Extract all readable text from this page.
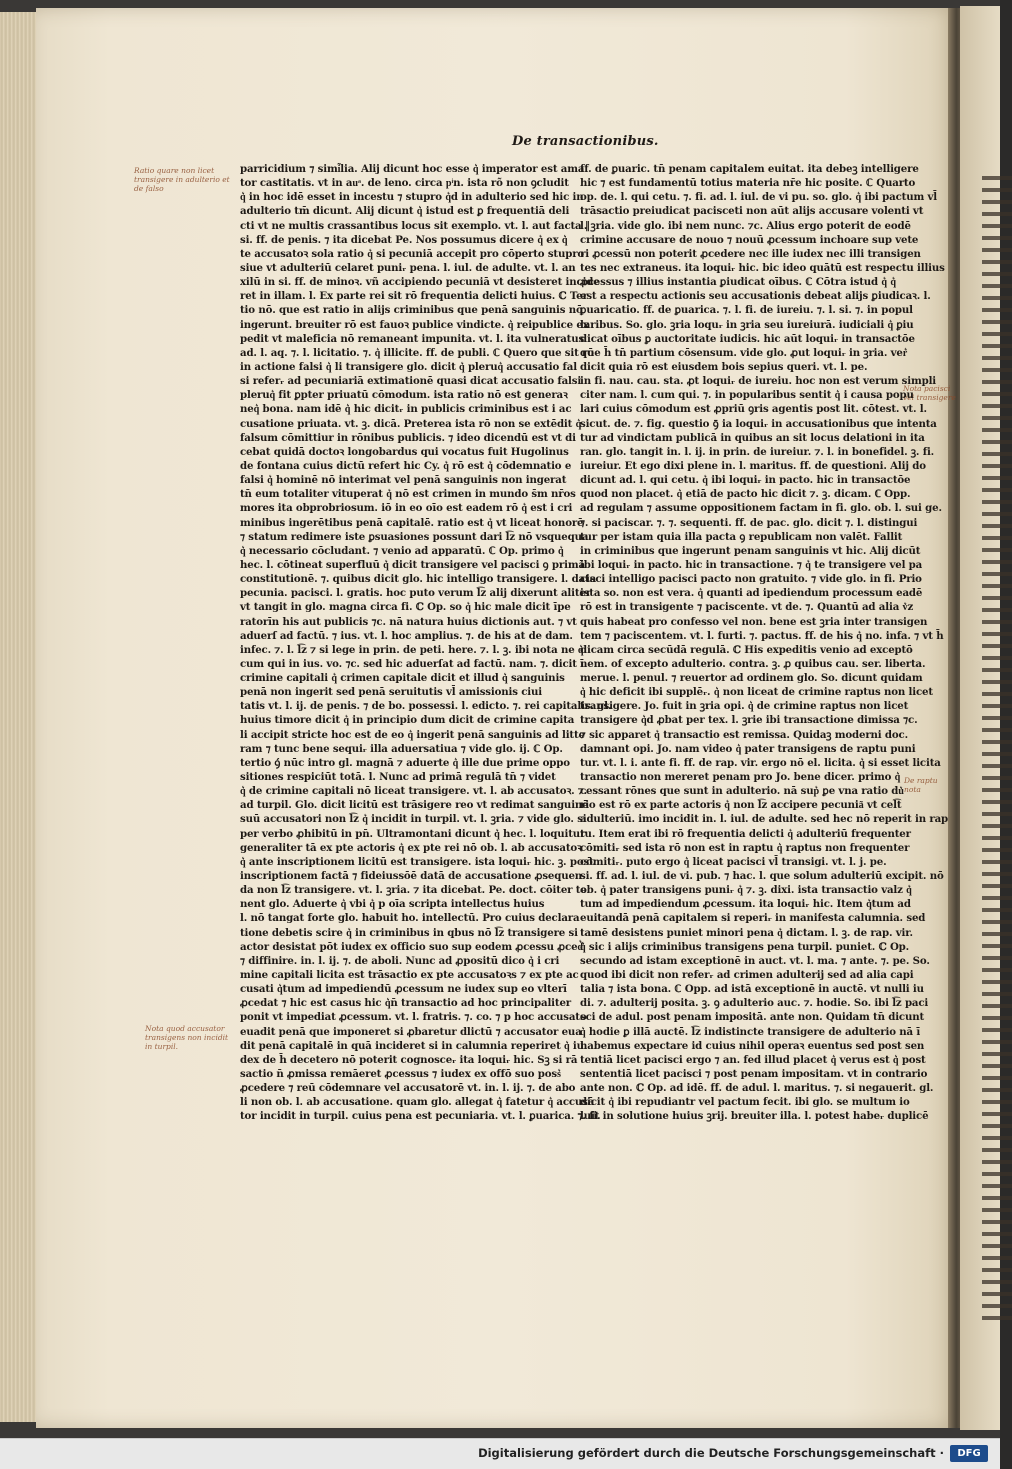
De transactionibus.
Ratio quare non licet transigere in adulterio et de falso
Nota pacisci vel transigere
De raptu nota
Nota quod accusator transigens non incidit in turpil.
parricidium ⁊ simi͂lia. Alij dicunt hoc esse q͛ imperator est ama
tor castitatis. vt in auͣ. de leno. circa pͥn. ista rõ non ꝯcludit
q͛ in hoc idē esset in incestu ⁊ stupro q͛d in adulterio sed hic in
adulterio tm̄ dicunt. Alij dicunt q͛ istud est ꝑ frequentiā deli
cti vt ne multis crassantibus locus sit exemplo. vt. l. aut facta ‖
si. ff. de penis. ⁊ ita dicebat Pe. Nos possumus dicere q͛ ex q͛
te accusatoꝛ sola ratio q͛ si pecuniā accepit pro cōperto stupro
siue vt adulteriū celaret puniᵣ pena. l. iul. de adulte. vt. l. an
xilū in si. ff. de minoꝛ. vñ accipiendo pecuniā vt desisteret incide
ret in illam. l. Ex parte rei sit rō frequentia delicti huius. ℂ Ter
tio nō. que est ratio in alijs criminibus que penā sanguinis nō
ingerunt. breuiter rō est fauoꝛ publice vindicte. q͛ reipublice ex
pedit vt maleficia nō remaneant impunita. vt. l. ita vulneratus
ad. l. aq. ⁊. l. licitatio. ⁊. q͛ illicite. ff. de publi. ℂ Quero que sit rō
in actione falsi q͛ li transigere glo. dicit q͛ pleruq͛ accusatio fal
si referᵣ ad pecuniariā extimationē quasi dicat accusatio falsi
pleruq͛ fit ꝑpter priuatū cōmodum. ista ratio nō est generaꝛ
neq͛ bona. nam idē q͛ hic dicitᵣ in publicis criminibus est i ac
cusatione priuata. vt. ꝫ. dicā. Preterea ista rō non se extēdit q͛
falsum cōmittiur in rōnibus publicis. ⁊ ideo dicendū est vt di
cebat quidā doctoꝛ longobardus qui vocatus fuit Hugolinus
de fontana cuius dictū refert hic Cy. q͛ rō est q͛ cōdemnatio e
falsi q͛ hominē nō interimat vel penā sanguinis non ingerat
tn̄ eum totaliter vituperat q͛ nō est crimen in mundo s̄m nr̄os
mores ita obprobriosum. iō in eo oīo est eadem rō q͛ est i cri
minibus ingerētibus penā capitalē. ratio est q͛ vt liceat honorē
⁊ statum redimere iste ꝑsuasiones possunt dari l͡z nō vsquequa
q͛ necessario cōcludant. ⁊ venio ad apparatū. ℂ Op. primo q͛
hec. l. cōtineat superfluū q͛ dicit transigere vel pacisci ꝯ primā
constitutionē. ⁊. quibus dicit glo. hic intelligo transigere. l. data
pecunia. pacisci. l. gratis. hoc puto verum l͡z alij dixerunt aliter
vt tangit in glo. magna circa fi. ℂ Op. so q͛ hic male dicit īpe
ratorīn his aut publicis ⁊c. nā natura huius dictionis aut. ⁊ vt
aduerſ ad factū. ⁊ ius. vt. l. hoc amplius. ⁊. de his at de dam.
infec. ⁊. l. l͡z ⁊ si lege in prin. de peti. here. ⁊. l. ꝫ. ibi nota ne q͛
cum qui in ius. vo. ⁊c. sed hic aduerſat ad factū. nam. ⁊. dicit ī
crimine capitali q͛ crimen capitale dicit et illud q͛ sanguinis
penā non ingerit sed penā seruitutis vl̄ amissionis ciui
tatis vt. l. ij. de penis. ⁊ de bo. possessi. l. edicto. ⁊. rei capitalis. gl.
huius timore dicit q͛ in principio dum dicit de crimine capita
li accipit stricte hoc est de eo q͛ ingerit penā sanguinis ad litte
ram ⁊ tunc bene sequiᵣ illa aduersatiua ⁊ vide glo. ij. ℂ Op.
tertio ꝯ́ nūc intro gl. magnā ⁊ aduerte q͛ ille due prime oppo
sitiones respiciūt totā. l. Nunc ad primā regulā tn̄ ⁊ videt
q͛ de crimine capitali nō liceat transigere. vt. l. ab accusatoꝛ. ⁊.
ad turpil. Glo. dicit licitū est trāsigere reo vt redimat sanguinē
suū accusatori non l͡z q͛ incidit in turpil. vt. l. ꝫria. ⁊ vide glo. si
per verbo ꝓhibitū in pn̄. Ultramontani dicunt q͛ hec. l. loquitur
generaliter tā ex pte actoris q͛ ex pte rei nō ob. l. ab accusatoꝛ
q͛ ante inscriptionem licitū est transigere. ista loquiᵣ hic. ꝫ. post
inscriptionem factā ⁊ fideiussōē datā de accusatione ꝓsequen
da non l͡z transigere. vt. l. ꝫria. ⁊ ita dicebat. Pe. doct. cōiter te
nent glo. Aduerte q͛ vbi q͛ p oīa scripta intellectus huius
l. nō tangat forte glo. habuit ho. intellectū. Pro cuius declara
tione debetis scire q͛ in criminibus in qbus nō l͡z transigere si
actor desistat pōt iudex ex officio suo sup eodem ꝓcessu ꝓced͛
⁊ diffinire. in. l. ij. ⁊. de aboli. Nunc ad ꝓpositū dico q͛ i cri
mine capitali licita est trāsactio ex pte accusatoꝛs ⁊ ex pte ac
cusati q͛tum ad impediendū ꝓcessum ne iudex sup eo vlterī
ꝓcedat ⁊ hic est casus hic q͛n̄ transactio ad hoc principaliter
ponit vt impediat ꝓcessum. vt. l. fratris. ⁊. co. ⁊ p hoc accusato
euadit penā que imponeret si ꝓbaretur dlictū ⁊ accusator eua
dit penā capitalē in quā incideret si in calumnia reperiret q͛ iu
dex de h̄ decetero nō poterit cognosceᵣ ita loquiᵣ hic. Sꝫ si rā
sactio n̄ ꝓmissa remāeret ꝓcessus ⁊ iudex ex offō suo poss͛
ꝓcedere ⁊ reū cōdemnare vel accusatorē vt. in. l. ij. ⁊. de abo
li non ob. l. ab accusatione. quam glo. allegat q͛ fatetur q͛ accusā
tor incidit in turpil. cuius pena est pecuniaria. vt. l. ꝑuarica. ⁊. fi.
ff. de ꝑuaric. tn̄ penam capitalem euitat. ita debeꝫ intelligere
hic ⁊ est fundamentū totius materia nr̄e hic posite. ℂ Quarto
op. de. l. qui cetu. ⁊. fi. ad. l. iul. de vi pu. so. glo. q͛ ibi pactum vl̄
trāsactio preiudicat pacisceti non aūt alijs accusare volenti vt
l. ꝫria. vide glo. ibi nem nunc. ⁊c. Alius ergo poterit de eodē
crimine accusare de nouo ⁊ nouū ꝓcessum inchoare sup vete
ri ꝓcessū non poterit ꝓcedere nec ille iudex nec illi transigen
tes nec extraneus. ita loquiᵣ hic. bic ideo quātū est respectu illius
ꝓcessus ⁊ illius instantia ꝑiudicat oībus. ℂ Cōtra istud q͛ q͛
est a respectu actionis seu accusationis debeat alijs ꝑiudicaꝛ. l.
ꝑuaricatio. ff. de ꝑuarica. ⁊. l. fi. de iureiu. ⁊. l. si. ⁊. in popul
laribus. So. glo. ꝫria loquᵣ in ꝫria seu iureiurā. iudiciali q͛ ꝑiu
dicat oībus ꝑ auctoritate iudicis. hic aūt loquiᵣ in transactōe
que h̄ tn̄ partium cōsensum. vide glo. ꝓut loquiᵣ in ꝫria. ver͛
dicit quia rō est eiusdem bois sepius queri. vt. l. pe.
in fi. nau. cau. sta. ꝓt loquiᵣ de iureiu. hoc non est verum simpli
citer nam. l. cum qui. ⁊. in popularibus sentit q͛ i causa popu
lari cuius cōmodum est ꝓpriū ꝯris agentis post lit. cōtest. vt. l.
sicut. de. ⁊. fig. questio ꝯ̄ ia loquiᵣ in accusationibus que intenta
tur ad vindictam publicā in quibus an sit locus delationi in ita
ran. glo. tangit in. l. ij. in prin. de iureiur. ⁊. l. in bonefidel. ꝫ. fi.
iureiur. Et ego dixi plene in. l. maritus. ff. de questioni. Alij do
dicunt ad. l. qui cetu. q͛ ibi loquiᵣ in pacto. hic in transactōe
quod non placet. q͛ etiā de pacto hic dicit ⁊. ꝫ. dicam. ℂ Opp.
ad regulam ⁊ assume oppositionem factam in fi. glo. ob. l. sui ge.
⁊. si paciscar. ⁊. ⁊. sequenti. ff. de pac. glo. dicit ⁊. l. distingui
tur per istam quia illa pacta ꝯ republicam non valēt. Fallit
in criminibus que ingerunt penam sanguinis vt hic. Alij dicūt
ibi loquiᵣ in pacto. hic in transactione. ⁊ q͛ te transigere vel pa
cisci intelligo pacisci pacto non gratuito. ⁊ vide glo. in fi. Prio
ista so. non est vera. q͛ quanti ad ipediendum processum eadē
rō est in transigente ⁊ paciscente. vt de. ⁊. Quantū ad alia v͛z
quis habeat pro confesso vel non. bene est ꝫria inter transigen
tem ⁊ paciscentem. vt. l. furti. ⁊. pactus. ff. de his q͛ no. infa. ⁊ vt h̄
dicam circa secūdā regulā. ℂ His expeditis venio ad exceptō
nem. of excepto adulterio. contra. ꝫ. ꝓ quibus cau. ser. liberta.
merue. l. penul. ⁊ reuertor ad ordinem glo. So. dicunt quidam
q͛ hic deficit ibi supplēᵣ. q͛ non liceat de crimine raptus non licet
transigere. Jo. fuit in ꝫria opi. q͛ de crimine raptus non licet
transigere q͛d ꝓbat per tex. l. ꝫrie ibi transactione dimissa ⁊c.
⁊ sic apparet q͛ transactio est remissa. Quidaꝫ moderni doc.
damnant opi. Jo. nam video q͛ pater transigens de raptu puni
tur. vt. l. i. ante fi. ff. de rap. vir. ergo nō el. licita. q͛ si esset licita
transactio non mereret penam pro Jo. bene dicer. primo q͛
cessant rōnes que sunt in adulterio. nā sup͛ ꝑe vna ratio du͛
rio est rō ex parte actoris q͛ non l͡z accipere pecunia͂ vt cel͡t
adulteriū. imo incidit in. l. iul. de adulte. sed hec nō reperit in rap
tu. Item erat ibi rō frequentia delicti q͛ adulteriū frequenter
cōmitiᵣ sed ista rō non est in raptu q͛ raptus non frequenter
cōmitiᵣ. puto ergo q͛ liceat pacisci vl̄ transigi. vt. l. j. pe.
si. ff. ad. l. iul. de vi. pub. ⁊ hac. l. que solum adulteriū excipit. nō
ob. q͛ pater transigens puniᵣ q͛ ⁊. ꝫ. dixi. ista transactio valz q͛
tum ad impediendum ꝓcessum. ita loquiᵣ hic. Item q͛tum ad
euitandā penā capitalem si reperiᵣ in manifesta calumnia. sed
tamē desistens puniet minori pena q͛ dictam. l. ꝫ. de rap. vir.
q͛ sic i alijs criminibus transigens pena turpil. puniet. ℂ Op.
secundo ad istam exceptionē in auct. vt. l. ma. ⁊ ante. ⁊. pe. So.
quod ibi dicit non referᵣ ad crimen adulterij sed ad alia capi
talia ⁊ ista bona. ℂ Opp. ad istā exceptionē in auctē. vt nulli iu
di. ⁊. adulterij posita. ꝫ. ꝯ adulterio auc. ⁊. hodie. So. ibi l͡z paci
sci de adul. post penam impositā. ante non. Quidam tn̄ dicunt
q͛ hodie ꝑ illā auctē. l͡z indistincte transigere de adulterio nā ī
habemus expectare id cuius nihil operaꝛ euentus sed post sen
tentiā licet pacisci ergo ⁊ an. fed illud placet q͛ verus est q͛ post
sententiā licet pacisci ⁊ post penam impositam. vt in contrario
ante non. ℂ Op. ad idē. ff. de adul. l. maritus. ⁊. si negauerit. gl.
dicit q͛ ibi repudiantr vel pactum fecit. ibi glo. se multum io
luit in solutione huius ꝫrij. breuiter illa. l. potest habeᵣ duplicē
Digitalisierung gefördert durch die Deutsche Forschungsgemeinschaft ·	DFG
